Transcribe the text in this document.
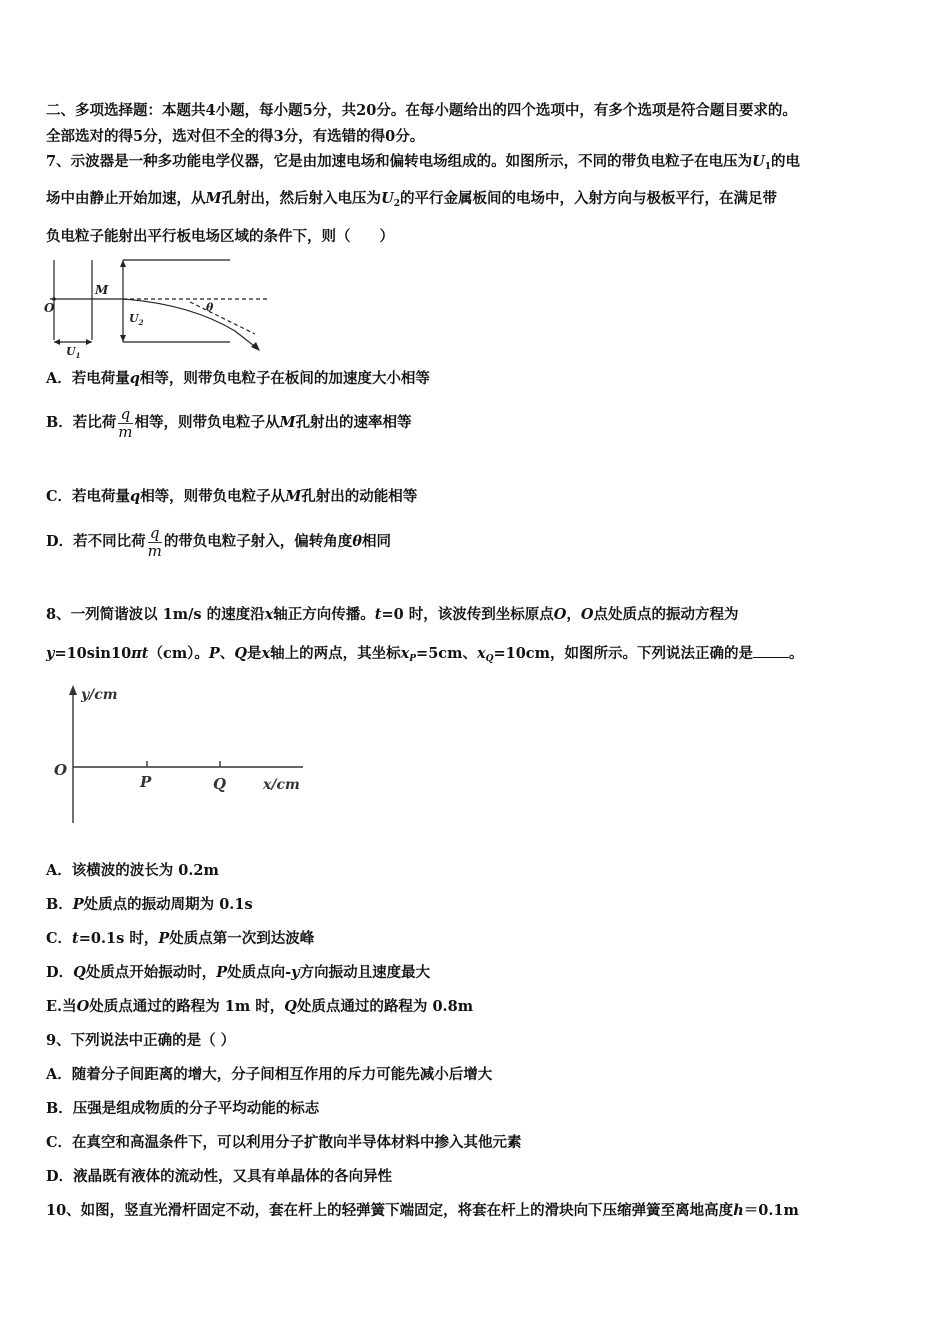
二、多项选择题：本题共4小题，每小题5分，共20分。在每小题给出的四个选项中，有多个选项是符合题目要求的。
全部选对的得5分，选对但不全的得3分，有选错的得0分。
7、示波器是一种多功能电学仪器，它是由加速电场和偏转电场组成的。如图所示，不同的带负电粒子在电压为$U_1$的电
场中由静止开始加速，从M孔射出，然后射入电压为$U_2$的平行金属板间的电场中，入射方向与极板平行，在满足带
负电粒子能射出平行板电场区域的条件下，则（　　）
M
O
$U_2$
$U_1$
θ
A．若电荷量q相等，则带负电粒子在板间的加速度大小相等
B．若比荷 $\frac{q}{m}$ 相等，则带负电粒子从M孔射出的速率相等
C．若电荷量q相等，则带负电粒子从M孔射出的动能相等
D．若不同比荷 $\frac{q}{m}$ 的带负电粒子射入，偏转角度θ相同
8、一列简谐波以 1m/s 的速度沿x轴正方向传播。t=0 时，该波传到坐标原点O，O点处质点的振动方程为
y=10sin10πt（cm）。P、Q是x轴上的两点，其坐标$x_P=5cm$、$x_Q=10cm$，如图所示。下列说法正确的是 。
y/cm
O
P	Q	x/cm
A．该横波的波长为 0.2m
B．P处质点的振动周期为 0.1s
C．t=0.1s 时，P处质点第一次到达波峰
D．Q处质点开始振动时，P处质点向-y方向振动且速度最大
E.当O处质点通过的路程为 1m 时，Q处质点通过的路程为 0.8m
9、下列说法中正确的是（ ）
A．随着分子间距离的增大，分子间相互作用的斥力可能先减小后增大
B．压强是组成物质的分子平均动能的标志
C．在真空和高温条件下，可以利用分子扩散向半导体材料中掺入其他元素
D．液晶既有液体的流动性，又具有单晶体的各向异性
10、如图，竖直光滑杆固定不动，套在杆上的轻弹簧下端固定，将套在杆上的滑块向下压缩弹簧至离地高度h＝0.1m
